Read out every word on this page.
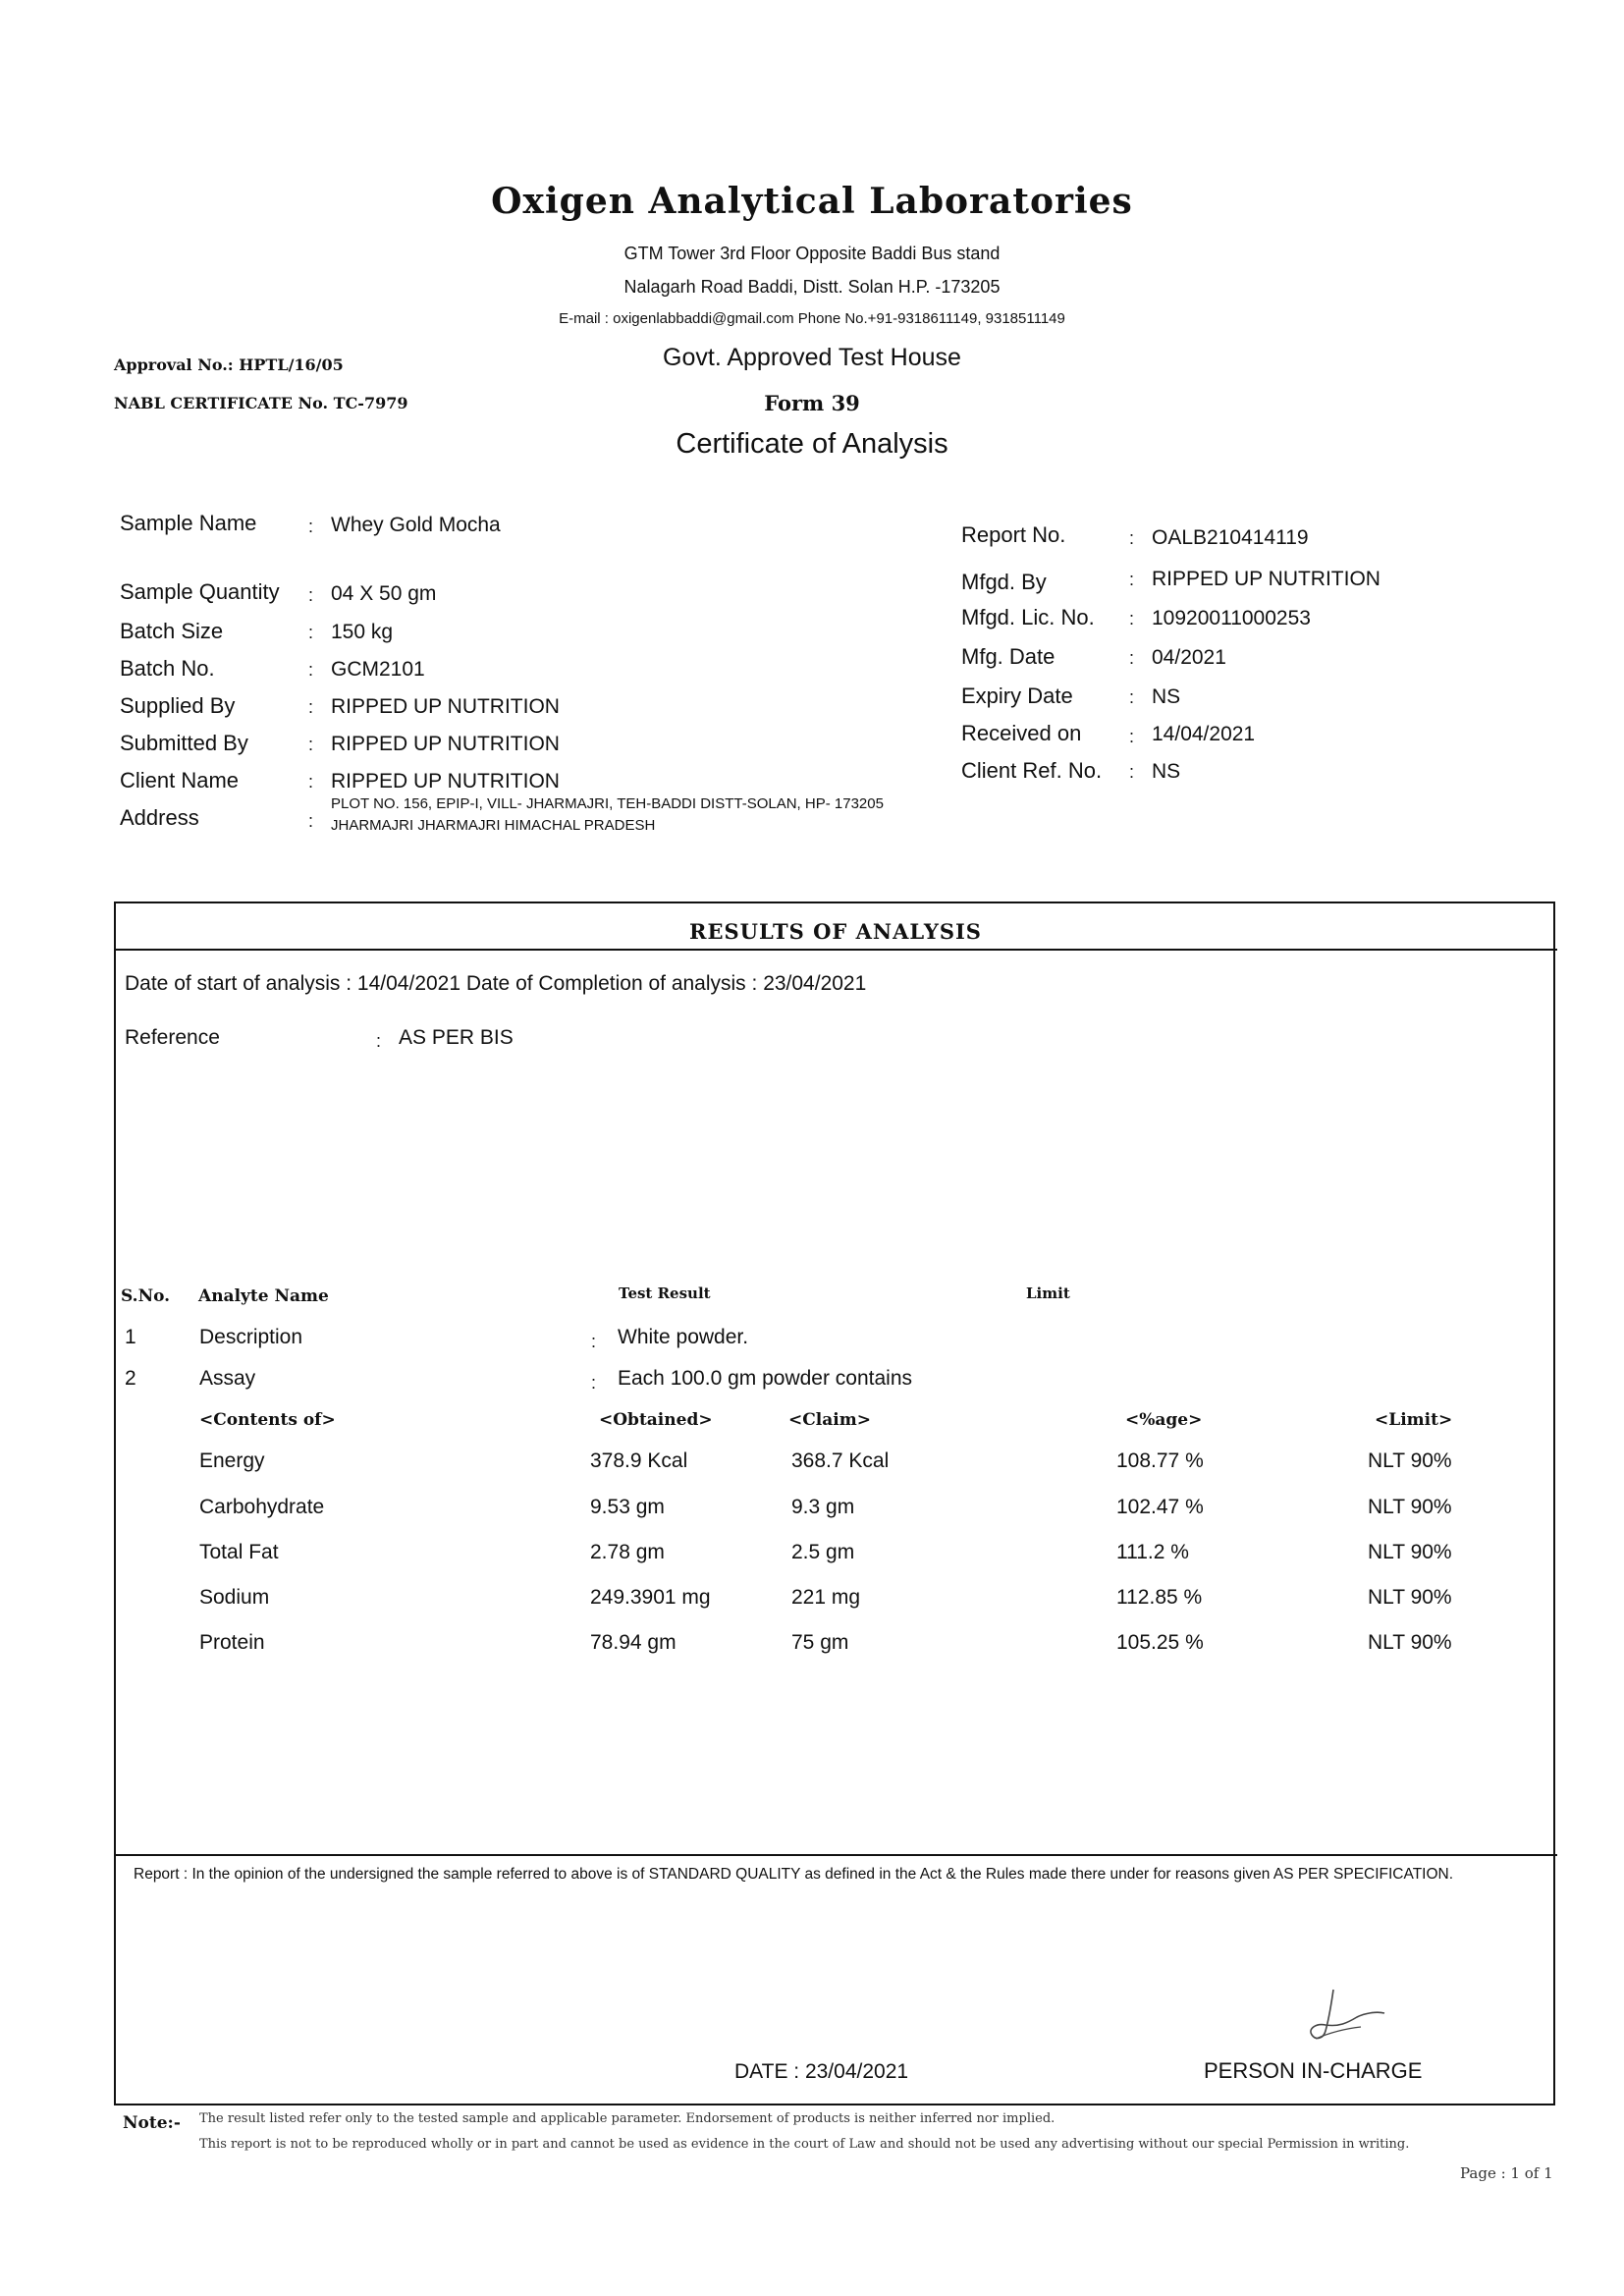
Oxigen Analytical Laboratories
GTM Tower 3rd Floor Opposite Baddi Bus stand
Nalagarh Road Baddi, Distt. Solan H.P. -173205
E-mail : oxigenlabbaddi@gmail.com Phone No.+91-9318611149, 9318511149
Govt. Approved Test House
Approval No.: HPTL/16/05
NABL CERTIFICATE No. TC-7979	Form 39
Certificate of Analysis
Sample Name	: Whey Gold Mocha
Sample Quantity : 04 X 50 gm
Batch Size	: 150 kg
Batch No.	: GCM2101
Supplied By	: RIPPED UP NUTRITION
Submitted By	: RIPPED UP NUTRITION
Client Name	: RIPPED UP NUTRITION
Address	:
PLOT NO. 156, EPIP-I, VILL- JHARMAJRI, TEH-BADDI DISTT-SOLAN, HP- 173205
JHARMAJRI JHARMAJRI HIMACHAL PRADESH
Report No.	: OALB210414119
Mfgd. By	: RIPPED UP NUTRITION
Mfgd. Lic. No. : 10920011000253
Mfg. Date	: 04/2021
Expiry Date	: NS
Received on	: 14/04/2021
Client Ref. No. : NS
RESULTS OF ANALYSIS
Date of start of analysis : 14/04/2021 Date of Completion of analysis : 23/04/2021
Reference	: AS PER BIS
S.No. Analyte Name	Test Result	Limit
1	Description	: White powder.
2	Assay	: Each 100.0 gm powder contains
<Contents of>	<Obtained>	<Claim>	<%age>	<Limit>
Energy	378.9 Kcal	368.7 Kcal	108.77 %	NLT 90%
Carbohydrate	9.53 gm	9.3 gm	102.47 %	NLT 90%
Total Fat	2.78 gm	2.5 gm	111.2 %	NLT 90%
Sodium	249.3901 mg	221 mg	112.85 %	NLT 90%
Protein	78.94 gm	75 gm	105.25 %	NLT 90%
Report : In the opinion of the undersigned the sample referred to above is of STANDARD QUALITY as defined in the Act & the Rules made there under for reasons given AS PER SPECIFICATION.
DATE : 23/04/2021	PERSON IN-CHARGE
Note:- The result listed refer only to the tested sample and applicable parameter. Endorsement of products is neither inferred nor implied.
This report is not to be reproduced wholly or in part and cannot be used as evidence in the court of Law and should not be used any advertising without our special Permission in writing.
Page : 1 of 1
